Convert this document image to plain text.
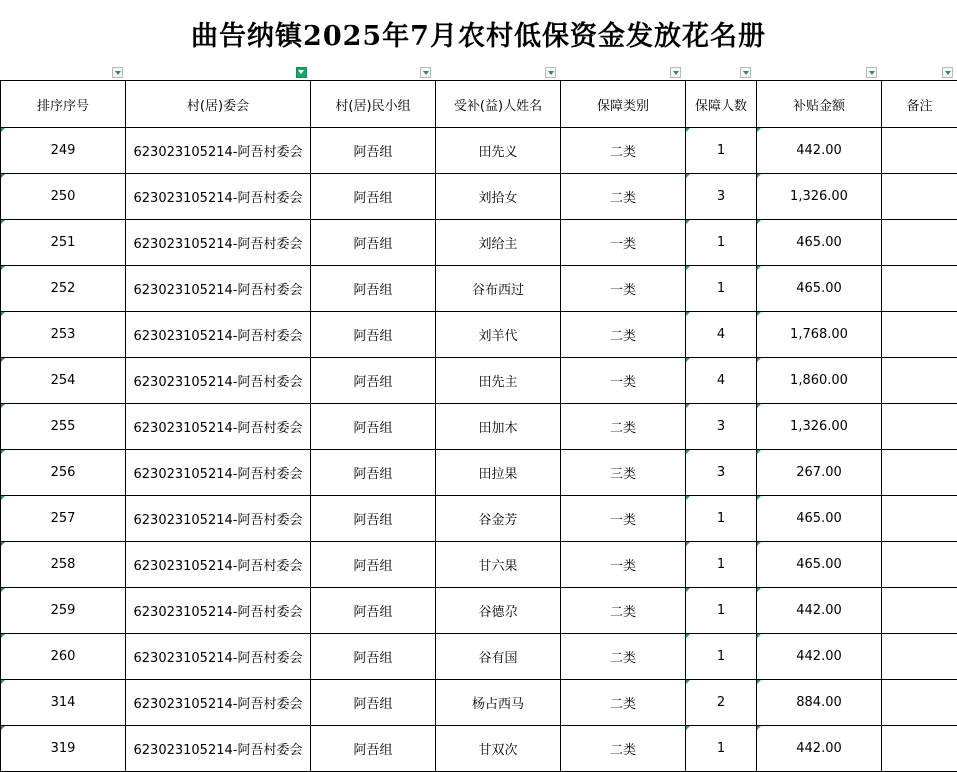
曲告纳镇2025年7月农村低保资金发放花名册
排序序号	村(居)委会	村(居)民小组	受补(益)人姓名	保障类别	保障人数	补贴金额	备注

249	623023105214-阿吾村委会	阿吾组	田先义	二类	1	442.00	

250	623023105214-阿吾村委会	阿吾组	刘拾女	二类	3	1,326.00	

251	623023105214-阿吾村委会	阿吾组	刘给主	一类	1	465.00	

252	623023105214-阿吾村委会	阿吾组	谷布西过	一类	1	465.00	

253	623023105214-阿吾村委会	阿吾组	刘羊代	二类	4	1,768.00	

254	623023105214-阿吾村委会	阿吾组	田先主	一类	4	1,860.00	

255	623023105214-阿吾村委会	阿吾组	田加木	二类	3	1,326.00	

256	623023105214-阿吾村委会	阿吾组	田拉果	三类	3	267.00	

257	623023105214-阿吾村委会	阿吾组	谷金芳	一类	1	465.00	

258	623023105214-阿吾村委会	阿吾组	甘六果	一类	1	465.00	

259	623023105214-阿吾村委会	阿吾组	谷德尕	二类	1	442.00	

260	623023105214-阿吾村委会	阿吾组	谷有国	二类	1	442.00	

314	623023105214-阿吾村委会	阿吾组	杨占西马	二类	2	884.00	

319	623023105214-阿吾村委会	阿吾组	甘双次	二类	1	442.00	
